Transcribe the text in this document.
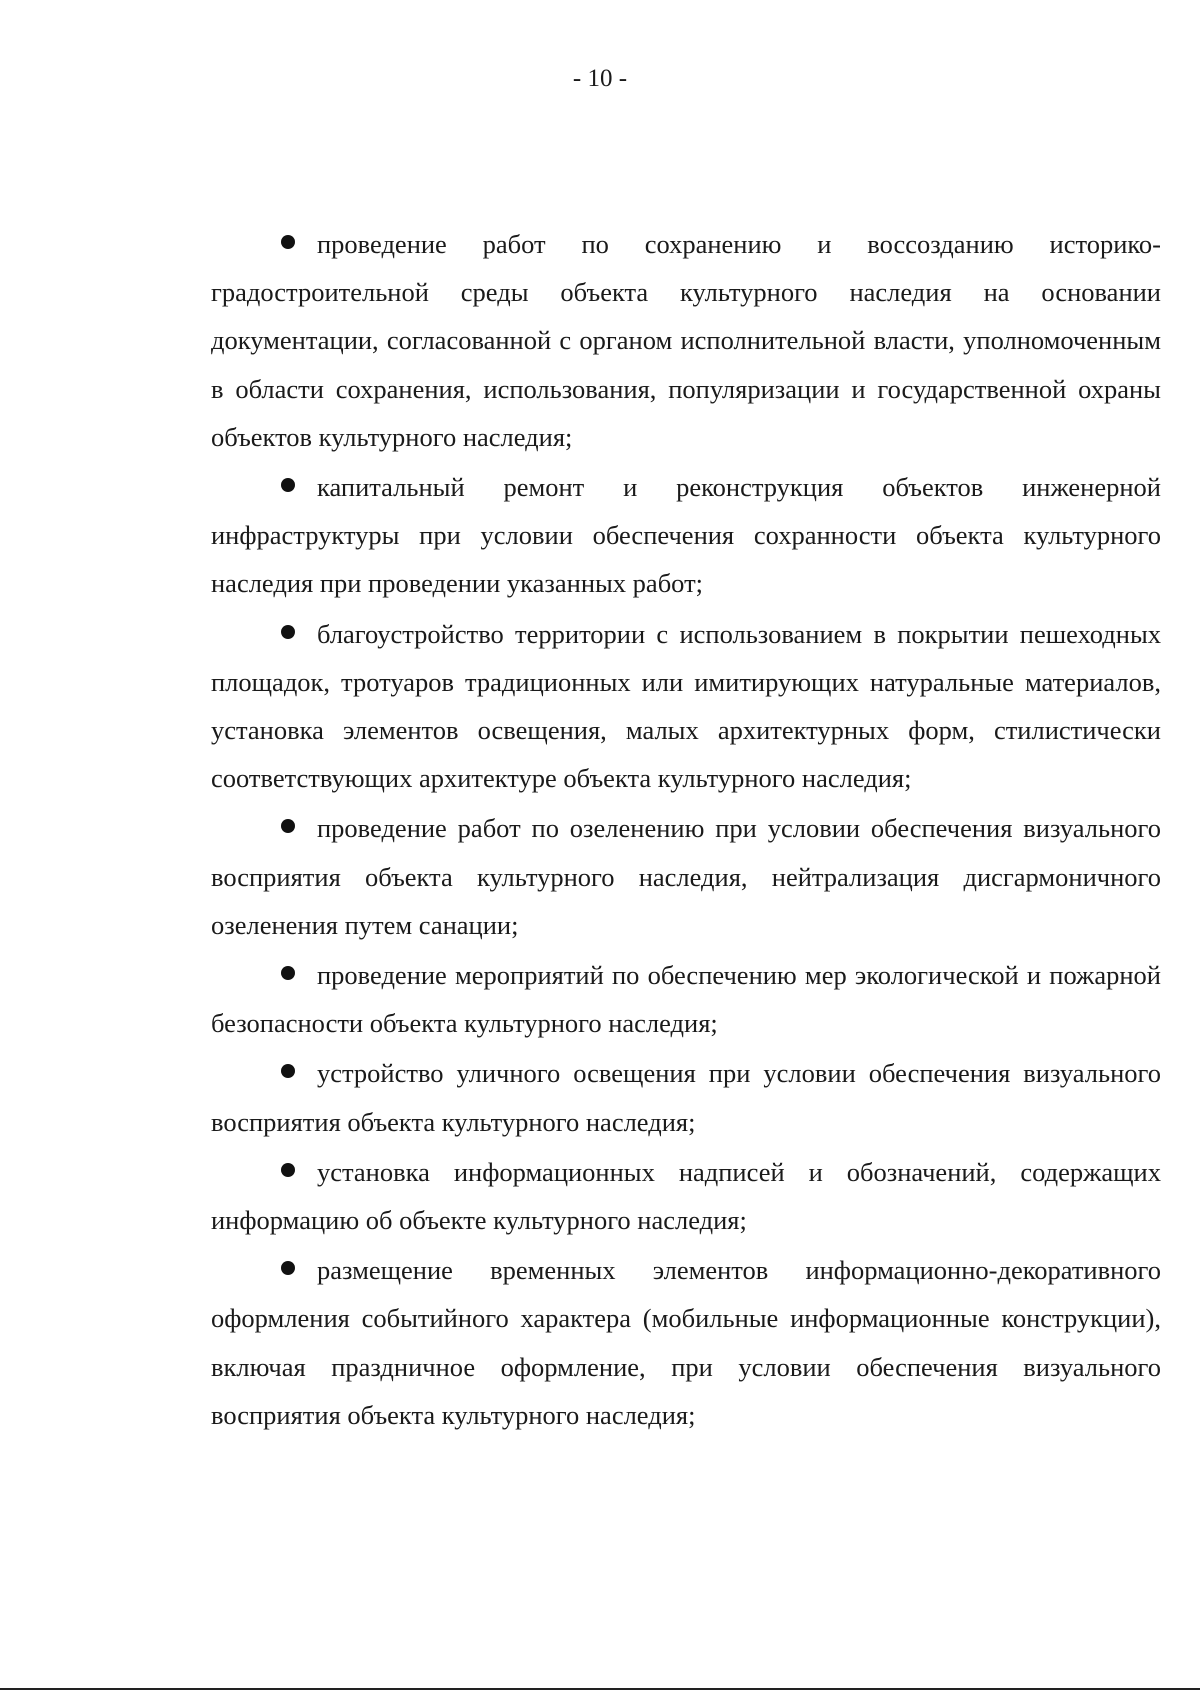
- 10 -

проведение работ по сохранению и воссозданию историко-градостроительной среды объекта культурного наследия на основании документации, согласованной с органом исполнительной власти, уполномоченным в области сохранения, использования, популяризации и государственной охраны объектов культурного наследия;

капитальный ремонт и реконструкция объектов инженерной инфраструктуры при условии обеспечения сохранности объекта культурного наследия при проведении указанных работ;

благоустройство территории с использованием в покрытии пешеходных площадок, тротуаров традиционных или имитирующих натуральные материалов, установка элементов освещения, малых архитектурных форм, стилистически соответствующих архитектуре объекта культурного наследия;

проведение работ по озеленению при условии обеспечения визуального восприятия объекта культурного наследия, нейтрализация дисгармоничного озеленения путем санации;

проведение мероприятий по обеспечению мер экологической и пожарной безопасности объекта культурного наследия;

устройство уличного освещения при условии обеспечения визуального восприятия объекта культурного наследия;

установка информационных надписей и обозначений, содержащих информацию об объекте культурного наследия;

размещение временных элементов информационно-декоративного оформления событийного характера (мобильные информационные конструкции), включая праздничное оформление, при условии обеспечения визуального восприятия объекта культурного наследия;
